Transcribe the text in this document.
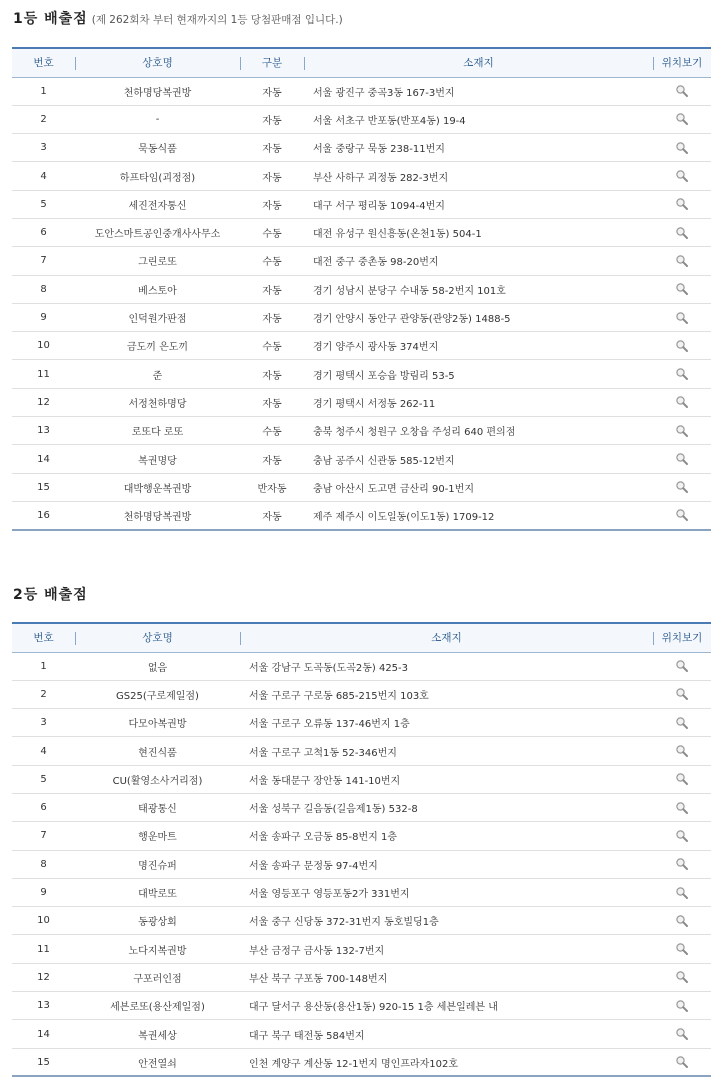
1등 배출점 (제 262회차 부터 현재까지의 1등 당첨판매점 입니다.)
번호	상호명	구분	소재지	위치보기
1	천하명당복권방	자동	서울 광진구 중곡3동 167-3번지	
2	-	자동	서울 서초구 반포동(반포4동) 19-4	
3	묵동식품	자동	서울 중랑구 묵동 238-11번지	
4	하프타임(괴정점)	자동	부산 사하구 괴정동 282-3번지	
5	세진전자통신	자동	대구 서구 평리동 1094-4번지	
6	도안스마트공인중개사사무소	수동	대전 유성구 원신흥동(온천1동) 504-1	
7	그린로또	수동	대전 중구 중촌동 98-20번지	
8	베스토아	자동	경기 성남시 분당구 수내동 58-2번지 101호	
9	인덕원가판점	자동	경기 안양시 동안구 관양동(관양2동) 1488-5	
10	금도끼 은도끼	수동	경기 양주시 광사동 374번지	
11	준	자동	경기 평택시 포승읍 방림리 53-5	
12	서정천하명당	자동	경기 평택시 서정동 262-11	
13	로또다 로또	수동	충북 청주시 청원구 오창읍 주성리 640 편의점	
14	복권명당	자동	충남 공주시 신관동 585-12번지	
15	대박행운복권방	반자동	충남 아산시 도고면 금산리 90-1번지	
16	천하명당복권방	자동	제주 제주시 이도일동(이도1동) 1709-12	
2등 배출점
번호	상호명	소재지	위치보기
1	없음	서울 강남구 도곡동(도곡2동) 425-3	
2	GS25(구로제일점)	서울 구로구 구로동 685-215번지 103호	
3	다모아복권방	서울 구로구 오류동 137-46번지 1층	
4	현진식품	서울 구로구 고척1동 52-346번지	
5	CU(활영소사거리점)	서울 동대문구 장안동 141-10번지	
6	태광통신	서울 성북구 길음동(길음제1동) 532-8	
7	행운마트	서울 송파구 오금동 85-8번지 1층	
8	명진슈퍼	서울 송파구 문정동 97-4번지	
9	대박로또	서울 영등포구 영등포동2가 331번지	
10	동광상회	서울 중구 신당동 372-31번지 동호빌딩1층	
11	노다지복권방	부산 금정구 금사동 132-7번지	
12	구포러인점	부산 북구 구포동 700-148번지	
13	세븐로또(용산제일점)	대구 달서구 용산동(용산1동) 920-15 1층 세븐일레븐 내	
14	복권세상	대구 북구 태전동 584번지	
15	안전열쇠	인천 계양구 계산동 12-1번지 명인프라자102호	
